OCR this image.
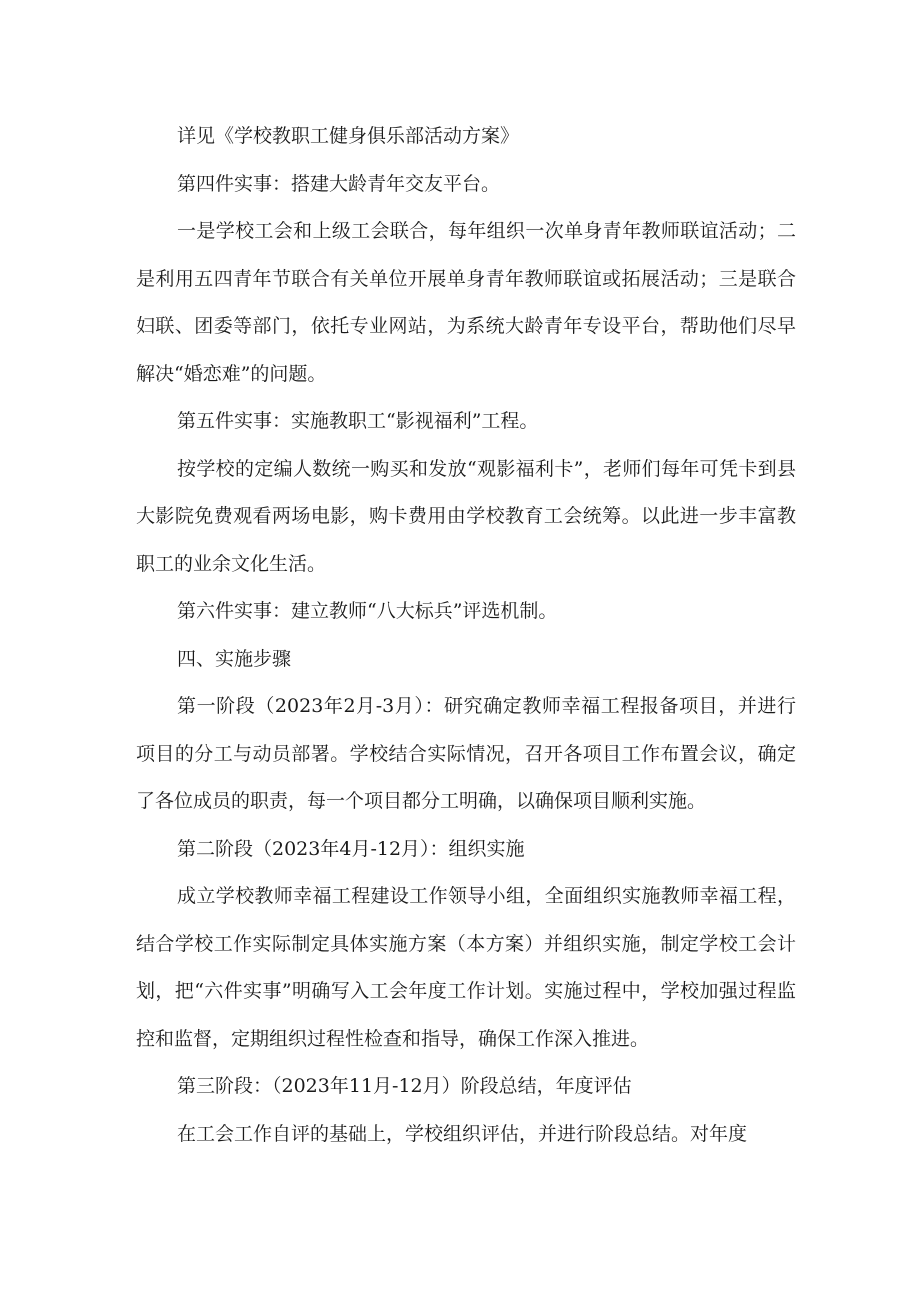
详见《学校教职工健身俱乐部活动方案》

第四件实事：搭建大龄青年交友平台。

一是学校工会和上级工会联合，每年组织一次单身青年教师联谊活动；二是利用五四青年节联合有关单位开展单身青年教师联谊或拓展活动；三是联合妇联、团委等部门，依托专业网站，为系统大龄青年专设平台，帮助他们尽早解决“婚恋难”的问题。

第五件实事：实施教职工“影视福利”工程。

按学校的定编人数统一购买和发放“观影福利卡”，老师们每年可凭卡到县大影院免费观看两场电影，购卡费用由学校教育工会统筹。以此进一步丰富教职工的业余文化生活。

第六件实事：建立教师“八大标兵”评选机制。

四、实施步骤

第一阶段（2023年2月-3月）：研究确定教师幸福工程报备项目，并进行项目的分工与动员部署。学校结合实际情况，召开各项目工作布置会议，确定了各位成员的职责，每一个项目都分工明确，以确保项目顺利实施。

第二阶段（2023年4月-12月）：组织实施

成立学校教师幸福工程建设工作领导小组，全面组织实施教师幸福工程，结合学校工作实际制定具体实施方案（本方案）并组织实施，制定学校工会计划，把“六件实事”明确写入工会年度工作计划。实施过程中，学校加强过程监控和监督，定期组织过程性检查和指导，确保工作深入推进。

第三阶段：（2023年11月-12月）阶段总结，年度评估

在工会工作自评的基础上，学校组织评估，并进行阶段总结。对年度
